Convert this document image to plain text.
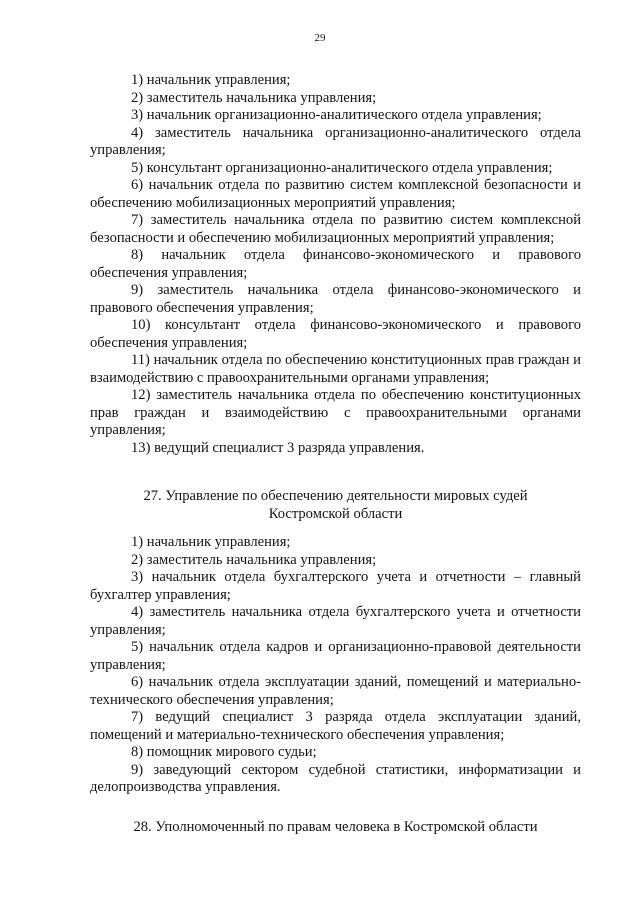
29

1) начальник управления;

2) заместитель начальника управления;

3) начальник организационно-аналитического отдела управления;

4) заместитель начальника организационно-аналитического отдела управления;

5) консультант организационно-аналитического отдела управления;

6) начальник отдела по развитию систем комплексной безопасности и обеспечению мобилизационных мероприятий управления;

7) заместитель начальника отдела по развитию систем комплексной безопасности и обеспечению мобилизационных мероприятий управления;

8) начальник отдела финансово-экономического и правового обеспечения управления;

9) заместитель начальника отдела финансово-экономического и правового обеспечения управления;

10) консультант отдела финансово-экономического и правового обеспечения управления;

11) начальник отдела по обеспечению конституционных прав граждан и взаимодействию с правоохранительными органами управления;

12) заместитель начальника отдела по обеспечению конституционных прав граждан и взаимодействию с правоохранительными органами управления;

13) ведущий специалист 3 разряда управления.

27. Управление по обеспечению деятельности мировых судей
Костромской области

1) начальник управления;

2) заместитель начальника управления;

3) начальник отдела бухгалтерского учета и отчетности – главный бухгалтер управления;

4) заместитель начальника отдела бухгалтерского учета и отчетности управления;

5) начальник отдела кадров и организационно-правовой деятельности управления;

6) начальник отдела эксплуатации зданий, помещений и материально-технического обеспечения управления;

7) ведущий специалист 3 разряда отдела эксплуатации зданий, помещений и материально-технического обеспечения управления;

8) помощник мирового судьи;

9) заведующий сектором судебной статистики, информатизации и делопроизводства управления.

28. Уполномоченный по правам человека в Костромской области
